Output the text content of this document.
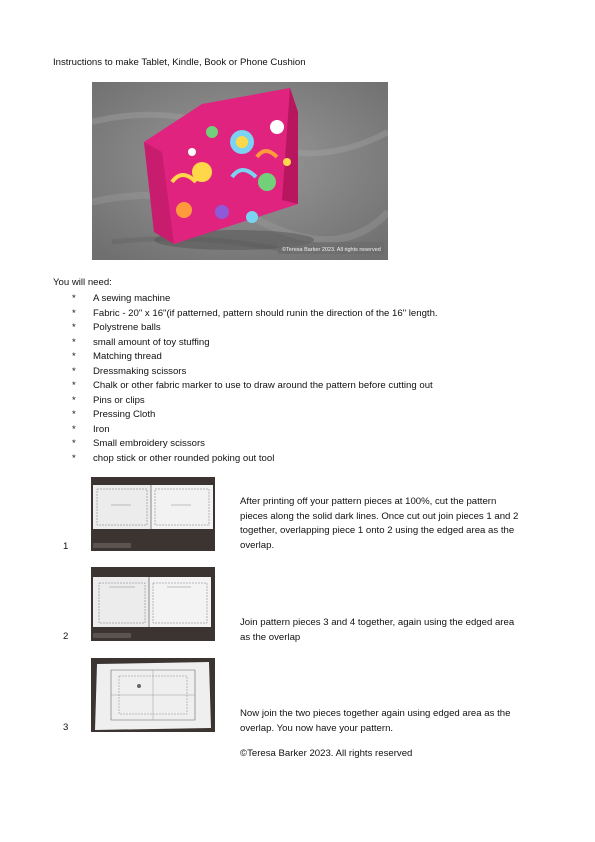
Instructions to make Tablet, Kindle, Book or Phone Cushion
©Teresa Barker 2023. All rights reserved
You will need:
*	A sewing machine
*	Fabric - 20" x 16"(if patterned, pattern should runin the direction of the 16" length.
*	Polystrene balls
*	small amount of toy stuffing
*	Matching thread
*	Dressmaking scissors
*	Chalk or other fabric marker to use to draw around the pattern before cutting out
*	Pins or clips
*	Pressing Cloth
*	Iron
*	Small embroidery scissors
*	chop stick or other rounded poking out tool
1
After printing off your pattern pieces at 100%, cut the pattern pieces along the solid dark lines. Once cut out join pieces 1 and 2 together, overlapping piece 1 onto 2 using the edged area as the overlap.
2
Join pattern pieces 3 and 4 together, again using the edged area as the overlap
3
Now join the two pieces together again using edged area as the overlap. You now have your pattern.
©Teresa Barker 2023. All rights reserved
